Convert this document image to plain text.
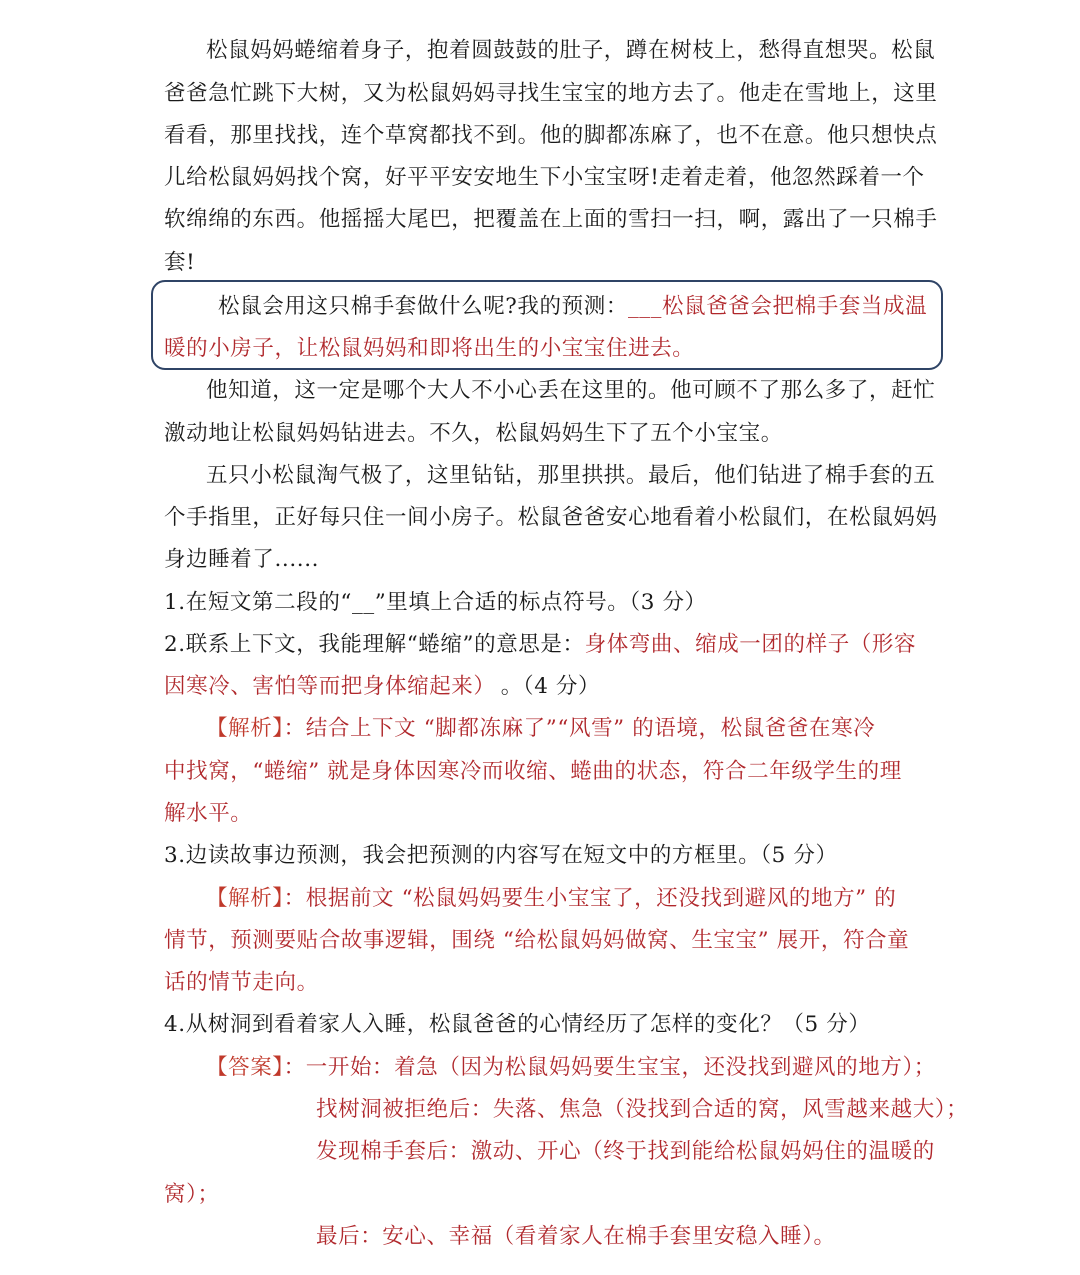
松鼠妈妈蜷缩着身子，抱着圆鼓鼓的肚子，蹲在树枝上，愁得直想哭。松鼠
爸爸急忙跳下大树，又为松鼠妈妈寻找生宝宝的地方去了。他走在雪地上，这里
看看，那里找找，连个草窝都找不到。他的脚都冻麻了，也不在意。他只想快点
儿给松鼠妈妈找个窝，好平平安安地生下小宝宝呀!走着走着，他忽然踩着一个
软绵绵的东西。他摇摇大尾巴，把覆盖在上面的雪扫一扫，啊，露出了一只棉手
套!
松鼠会用这只棉手套做什么呢?我的预测：___松鼠爸爸会把棉手套当成温
暖的小房子，让松鼠妈妈和即将出生的小宝宝住进去。
他知道，这一定是哪个大人不小心丢在这里的。他可顾不了那么多了，赶忙
激动地让松鼠妈妈钻进去。不久，松鼠妈妈生下了五个小宝宝。
五只小松鼠淘气极了，这里钻钻，那里拱拱。最后，他们钻进了棉手套的五
个手指里，正好每只住一间小房子。松鼠爸爸安心地看着小松鼠们，在松鼠妈妈
身边睡着了......
1.在短文第二段的“__”里填上合适的标点符号。（3 分）
2.联系上下文，我能理解“蜷缩”的意思是：身体弯曲、缩成一团的样子（形容
因寒冷、害怕等而把身体缩起来） 。（4 分）
【解析】：结合上下文 “脚都冻麻了”“风雪” 的语境，松鼠爸爸在寒冷
中找窝，“蜷缩” 就是身体因寒冷而收缩、蜷曲的状态，符合二年级学生的理
解水平。
3.边读故事边预测，我会把预测的内容写在短文中的方框里。（5 分）
【解析】：根据前文 “松鼠妈妈要生小宝宝了，还没找到避风的地方” 的
情节，预测要贴合故事逻辑，围绕 “给松鼠妈妈做窝、生宝宝” 展开，符合童
话的情节走向。
4.从树洞到看着家人入睡，松鼠爸爸的心情经历了怎样的变化？（5 分）
【答案】：一开始：着急（因为松鼠妈妈要生宝宝，还没找到避风的地方）；
找树洞被拒绝后：失落、焦急（没找到合适的窝，风雪越来越大）；
发现棉手套后：激动、开心（终于找到能给松鼠妈妈住的温暖的
窝）；
最后：安心、幸福（看着家人在棉手套里安稳入睡）。
